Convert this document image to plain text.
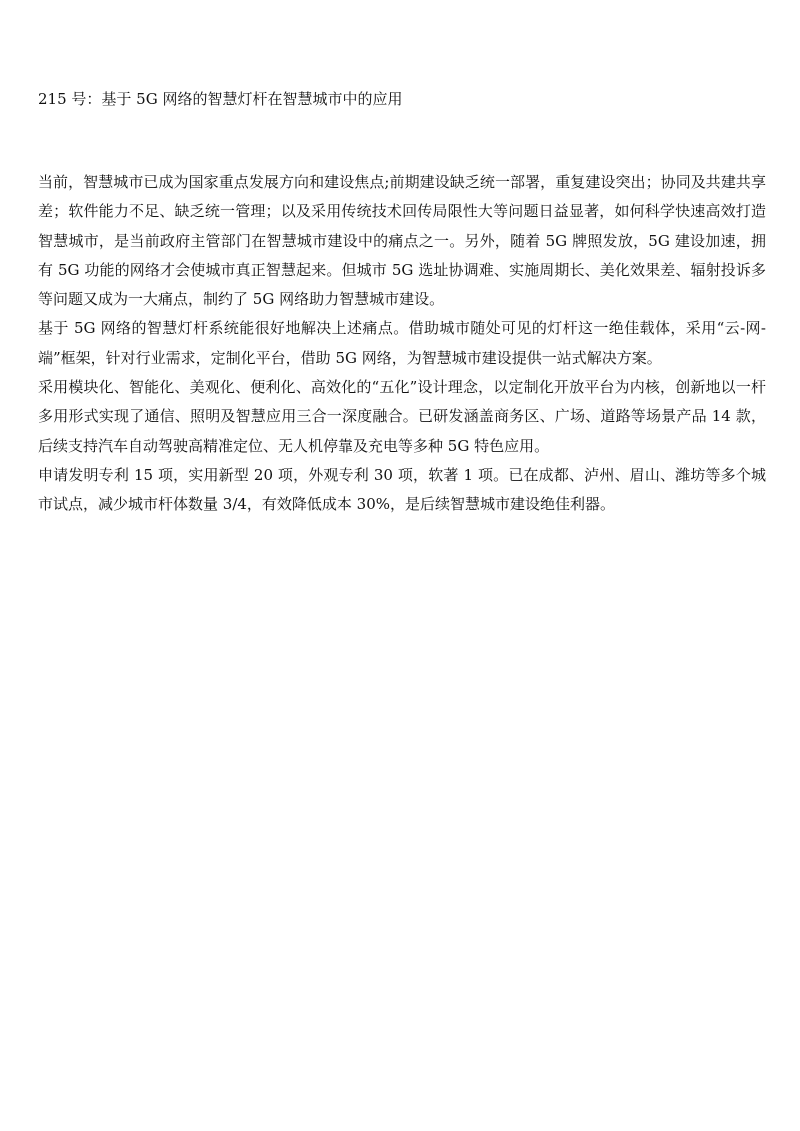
215 号：基于 5G 网络的智慧灯杆在智慧城市中的应用

当前，智慧城市已成为国家重点发展方向和建设焦点;前期建设缺乏统一部署，重复建设突出；协同及共建共享差；软件能力不足、缺乏统一管理；以及采用传统技术回传局限性大等问题日益显著，如何科学快速高效打造智慧城市，是当前政府主管部门在智慧城市建设中的痛点之一。另外，随着 5G 牌照发放，5G 建设加速，拥有 5G 功能的网络才会使城市真正智慧起来。但城市 5G 选址协调难、实施周期长、美化效果差、辐射投诉多等问题又成为一大痛点，制约了 5G 网络助力智慧城市建设。

基于 5G 网络的智慧灯杆系统能很好地解决上述痛点。借助城市随处可见的灯杆这一绝佳载体，采用“云-网-端”框架，针对行业需求，定制化平台，借助 5G 网络，为智慧城市建设提供一站式解决方案。

采用模块化、智能化、美观化、便利化、高效化的“五化”设计理念，以定制化开放平台为内核，创新地以一杆多用形式实现了通信、照明及智慧应用三合一深度融合。已研发涵盖商务区、广场、道路等场景产品 14 款，后续支持汽车自动驾驶高精准定位、无人机停靠及充电等多种 5G 特色应用。

申请发明专利 15 项，实用新型 20 项，外观专利 30 项，软著 1 项。已在成都、泸州、眉山、潍坊等多个城市试点，减少城市杆体数量 3/4，有效降低成本 30%，是后续智慧城市建设绝佳利器。
